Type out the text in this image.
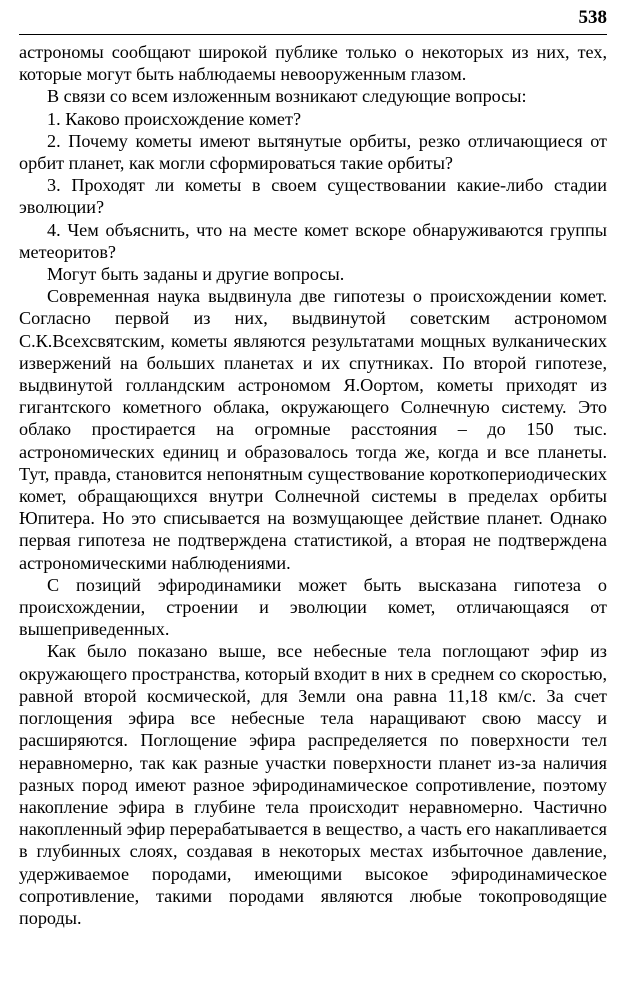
538

астрономы сообщают широкой публике только о некоторых из них, тех, которые могут быть наблюдаемы невооруженным глазом.

В связи со всем изложенным возникают следующие вопросы:

1. Каково происхождение комет?

2. Почему кометы имеют вытянутые орбиты, резко отличающиеся от орбит планет, как могли сформироваться такие орбиты?

3. Проходят ли кометы в своем существовании какие-либо стадии эволюции?

4. Чем объяснить, что на месте комет вскоре обнаруживаются группы метеоритов?

Могут быть заданы и другие вопросы.

Современная наука выдвинула две гипотезы о происхождении комет. Согласно первой из них, выдвинутой советским астрономом С.К.Всехсвятским, кометы являются результатами мощных вулканических извержений на больших планетах и их спутниках. По второй гипотезе, выдвинутой голландским астрономом Я.Оортом, кометы приходят из гигантского кометного облака, окружающего Солнечную систему. Это облако простирается на огромные расстояния – до 150 тыс. астрономических единиц и образовалось тогда же, когда и все планеты. Тут, правда, становится непонятным существование короткопериодических комет, обращающихся внутри Солнечной системы в пределах орбиты Юпитера. Но это списывается на возмущающее действие планет. Однако первая гипотеза не подтверждена статистикой, а вторая не подтверждена астрономическими наблюдениями.

С позиций эфиродинамики может быть высказана гипотеза о происхождении, строении и эволюции комет, отличающаяся от вышеприведенных.

Как было показано выше, все небесные тела поглощают эфир из окружающего пространства, который входит в них в среднем со скоростью, равной второй космической, для Земли она равна 11,18 км/с. За счет поглощения эфира все небесные тела наращивают свою массу и расширяются. Поглощение эфира распределяется по поверхности тел неравномерно, так как разные участки поверхности планет из-за наличия разных пород имеют разное эфиродинамическое сопротивление, поэтому накопление эфира в глубине тела происходит неравномерно. Частично накопленный эфир перерабатывается в вещество, а часть его накапливается в глубинных слоях, создавая в некоторых местах избыточное давление, удерживаемое породами, имеющими высокое эфиродинамическое сопротивление, такими породами являются любые токопроводящие породы.
